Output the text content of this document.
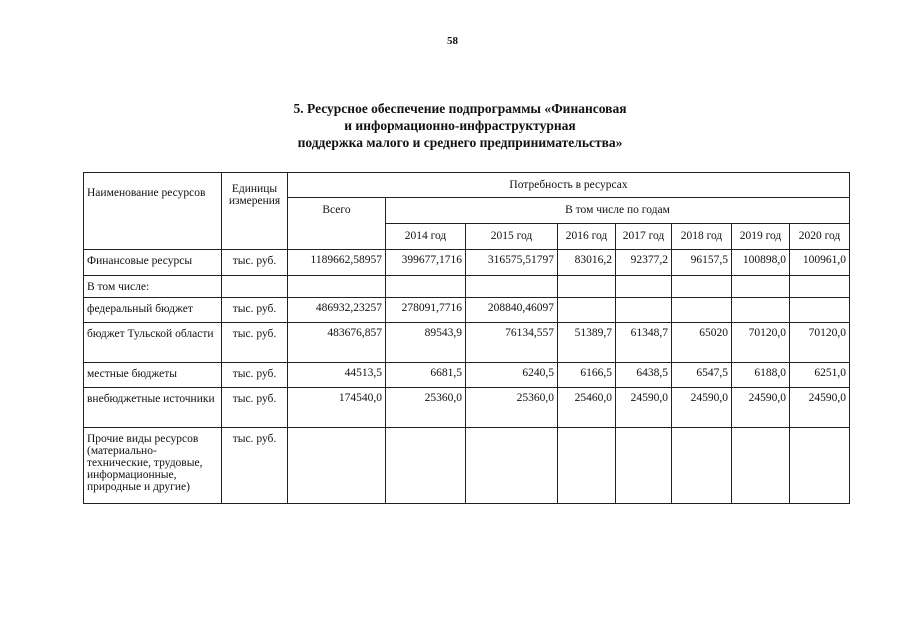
58
5. Ресурсное обеспечение подпрограммы «Финансовая
и информационно-инфраструктурная
поддержка малого и среднего предпринимательства»
Наименование ресурсов	Единицы измерения	Потребность в ресурсах							
		Всего	В том числе по годам						
			2014 год	2015 год	2016 год	2017 год	2018 год	2019 год	2020 год
Финансовые ресурсы	тыс. руб.	1189662,58957	399677,1716	316575,51797	83016,2	92377,2	96157,5	100898,0	100961,0
В том числе:									
федеральный бюджет	тыс. руб.	486932,23257	278091,7716	208840,46097					
бюджет Тульской области	тыс. руб.	483676,857	89543,9	76134,557	51389,7	61348,7	65020	70120,0	70120,0
местные бюджеты	тыс. руб.	44513,5	6681,5	6240,5	6166,5	6438,5	6547,5	6188,0	6251,0
внебюджетные источники	тыс. руб.	174540,0	25360,0	25360,0	25460,0	24590,0	24590,0	24590,0	24590,0
Прочие виды ресурсов (материально-технические, трудовые, информационные, природные и другие)	тыс. руб.								
